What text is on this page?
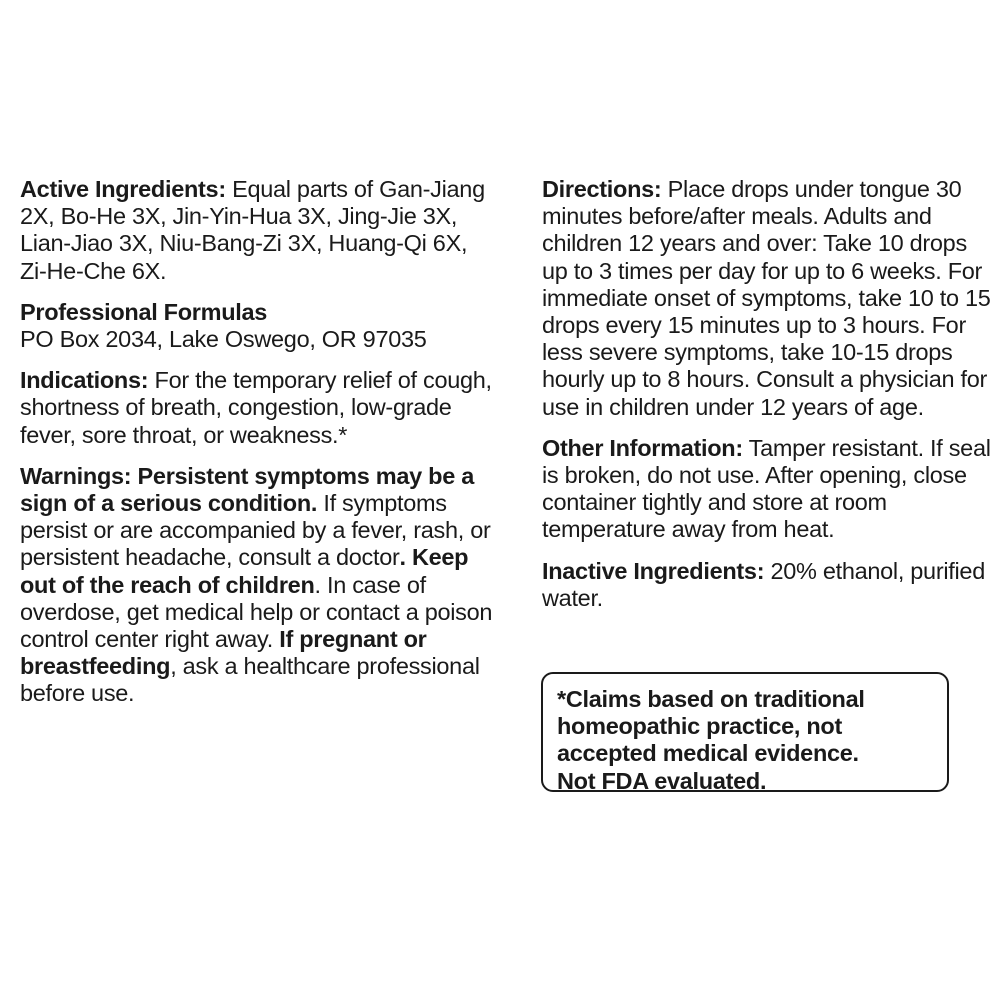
Active Ingredients: Equal parts of Gan-Jiang 2X, Bo-He 3X, Jin-Yin-Hua 3X, Jing-Jie 3X, Lian-Jiao 3X, Niu-Bang-Zi 3X, Huang-Qi 6X, Zi-He-Che 6X.

Professional Formulas

PO Box 2034, Lake Oswego, OR 97035

Indications: For the temporary relief of cough, shortness of breath, congestion, low-grade fever, sore throat, or weakness.*

Warnings: Persistent symptoms may be a sign of a serious condition. If symptoms persist or are accompanied by a fever, rash, or persistent headache, consult a doctor. Keep out of the reach of children. In case of overdose, get medical help or contact a poison control center right away. If pregnant or breastfeeding, ask a healthcare professional before use.

Directions: Place drops under tongue 30 minutes before/after meals. Adults and children 12 years and over: Take 10 drops up to 3 times per day for up to 6 weeks. For immediate onset of symptoms, take 10 to 15 drops every 15 minutes up to 3 hours. For less severe symptoms, take 10-15 drops hourly up to 8 hours. Consult a physician for use in children under 12 years of age.

Other Information: Tamper resistant. If seal is broken, do not use. After opening, close container tightly and store at room temperature away from heat.

Inactive Ingredients: 20% ethanol, purified water.

*Claims based on traditional
homeopathic practice, not
accepted medical evidence.
Not FDA evaluated.
